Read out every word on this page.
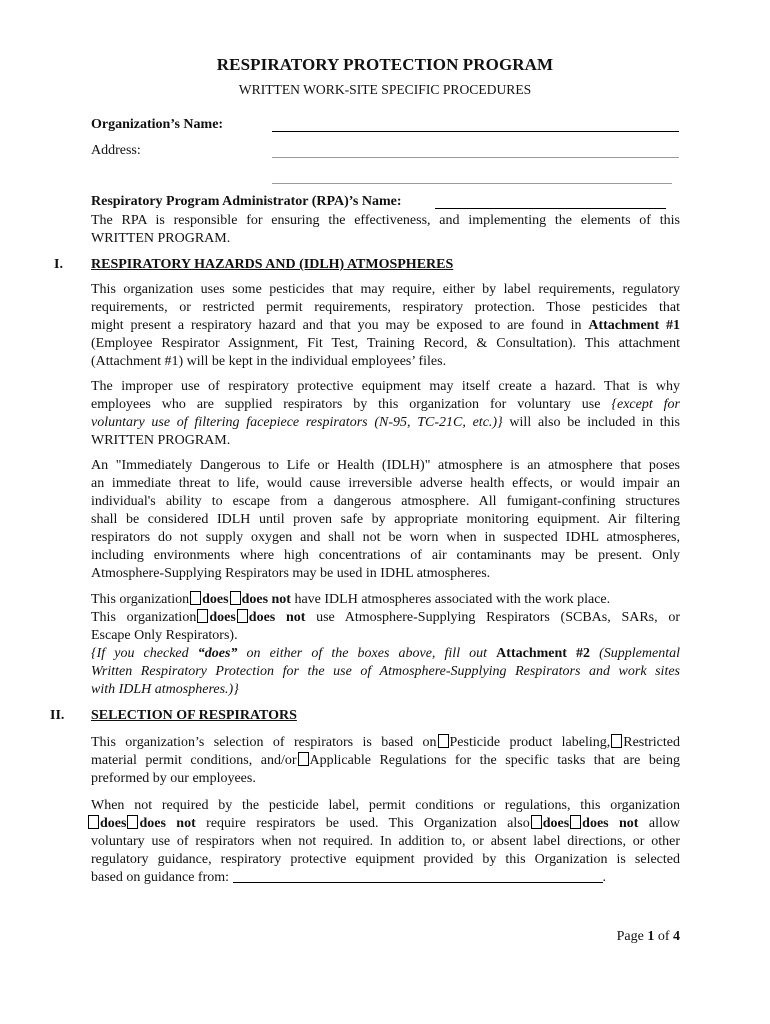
RESPIRATORY PROTECTION PROGRAM
WRITTEN WORK-SITE SPECIFIC PROCEDURES
Organization’s Name:
Address:
Respiratory Program Administrator (RPA)’s Name:
The RPA is responsible for ensuring the effectiveness, and implementing the elements of this
WRITTEN PROGRAM.
I. RESPIRATORY HAZARDS AND (IDLH) ATMOSPHERES
This organization uses some pesticides that may require, either by label requirements, regulatory
requirements, or restricted permit requirements, respiratory protection. Those pesticides that
might present a respiratory hazard and that you may be exposed to are found in Attachment #1
(Employee Respirator Assignment, Fit Test, Training Record, & Consultation). This attachment
(Attachment #1) will be kept in the individual employees’ files.
The improper use of respiratory protective equipment may itself create a hazard. That is why
employees who are supplied respirators by this organization for voluntary use {except for
voluntary use of filtering facepiece respirators (N-95, TC-21C, etc.)} will also be included in this
WRITTEN PROGRAM.
An "Immediately Dangerous to Life or Health (IDLH)" atmosphere is an atmosphere that poses
an immediate threat to life, would cause irreversible adverse health effects, or would impair an
individual's ability to escape from a dangerous atmosphere. All fumigant-confining structures
shall be considered IDLH until proven safe by appropriate monitoring equipment. Air filtering
respirators do not supply oxygen and shall not be worn when in suspected IDHL atmospheres,
including environments where high concentrations of air contaminants may be present. Only
Atmosphere-Supplying Respirators may be used in IDHL atmospheres.
This organization does does not have IDLH atmospheres associated with the work place.
This organization does does not use Atmosphere-Supplying Respirators (SCBAs, SARs, or
Escape Only Respirators).
{If you checked “does” on either of the boxes above, fill out Attachment #2 (Supplemental
Written Respiratory Protection for the use of Atmosphere-Supplying Respirators and work sites
with IDLH atmospheres.)}
II. SELECTION OF RESPIRATORS
This organization’s selection of respirators is based on Pesticide product labeling, Restricted
material permit conditions, and/or Applicable Regulations for the specific tasks that are being
preformed by our employees.
When not required by the pesticide label, permit conditions or regulations, this organization
does does not require respirators be used. This Organization also does does not allow
voluntary use of respirators when not required. In addition to, or absent label directions, or other
regulatory guidance, respiratory protective equipment provided by this Organization is selected
based on guidance from:	.
Page 1 of 4
